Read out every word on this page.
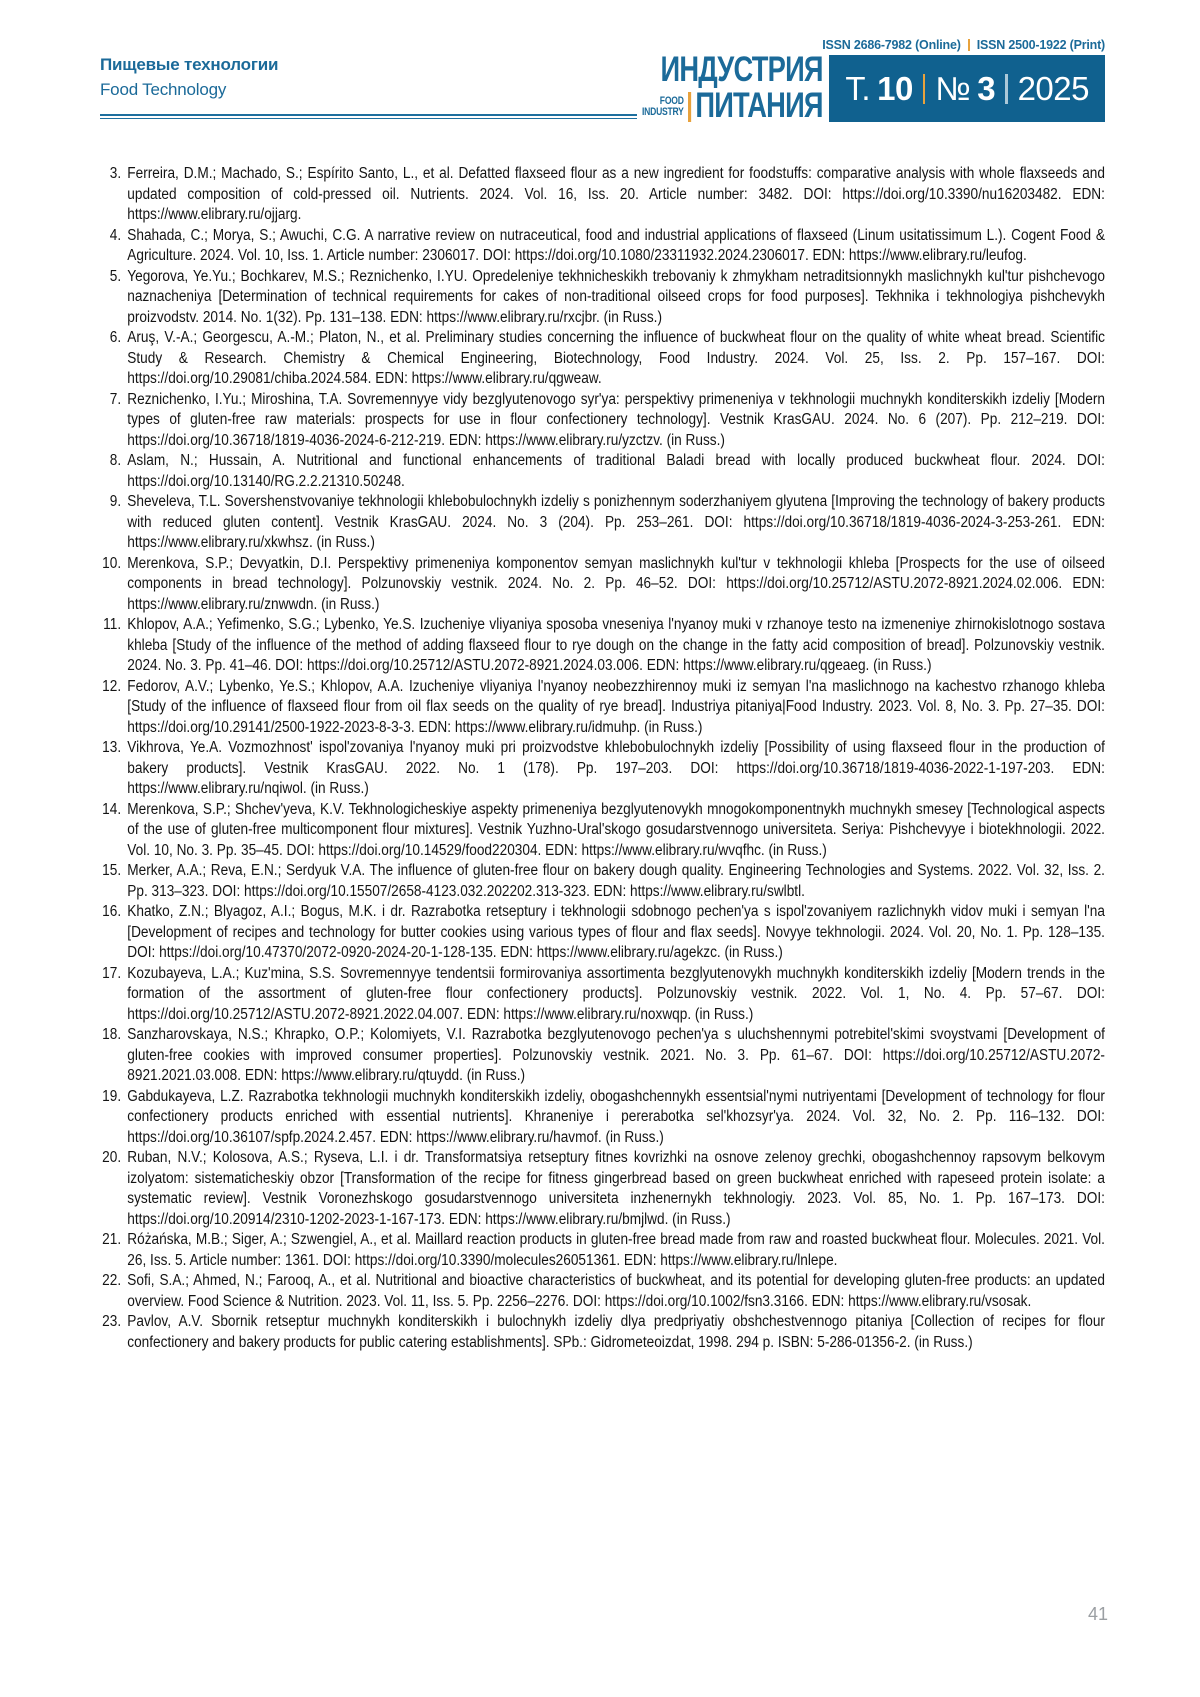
ISSN 2686-7982 (Online) ISSN 2500-1922 (Print)
Пищевые технологии
Food Technology
ИНДУСТРИЯ
FOOD
INDUSTRY ПИТАНИЯ Т. 10 № 3 2025
3. Ferreira, D.M.; Machado, S.; Espírito Santo, L., et al. Defatted flaxseed flour as a new ingredient for foodstuffs: comparative analysis with whole flaxseeds and updated composition of cold-pressed oil. Nutrients. 2024. Vol. 16, Iss. 20. Article number: 3482. DOI: https://doi.org/10.3390/nu16203482. EDN: https://www.elibrary.ru/ojjarg.
4. Shahada, C.; Morya, S.; Awuchi, C.G. A narrative review on nutraceutical, food and industrial applications of flaxseed (Linum usitatissimum L.). Cogent Food & Agriculture. 2024. Vol. 10, Iss. 1. Article number: 2306017. DOI: https://doi.org/10.1080/23311932.2024.2306017. EDN: https://www.elibrary.ru/leufog.
5. Yegorova, Ye.Yu.; Bochkarev, M.S.; Reznichenko, I.YU. Opredeleniye tekhnicheskikh trebovaniy k zhmykham netraditsionnykh maslichnykh kul'tur pishchevogo naznacheniya [Determination of technical requirements for cakes of non-traditional oilseed crops for food purposes]. Tekhnika i tekhnologiya pishchevykh proizvodstv. 2014. No. 1(32). Pp. 131–138. EDN: https://www.elibrary.ru/rxcjbr. (in Russ.)
6. Aruş, V.-A.; Georgescu, A.-M.; Platon, N., et al. Preliminary studies concerning the influence of buckwheat flour on the quality of white wheat bread. Scientific Study & Research. Chemistry & Chemical Engineering, Biotechnology, Food Industry. 2024. Vol. 25, Iss. 2. Pp. 157–167. DOI: https://doi.org/10.29081/chiba.2024.584. EDN: https://www.elibrary.ru/qgweaw.
7. Reznichenko, I.Yu.; Miroshina, T.A. Sovremennyye vidy bezglyutenovogo syr'ya: perspektivy primeneniya v tekhnologii muchnykh konditerskikh izdeliy [Modern types of gluten-free raw materials: prospects for use in flour confectionery technology]. Vestnik KrasGAU. 2024. No. 6 (207). Pp. 212–219. DOI: https://doi.org/10.36718/1819-4036-2024-6-212-219. EDN: https://www.elibrary.ru/yzctzv. (in Russ.)
8. Aslam, N.; Hussain, A. Nutritional and functional enhancements of traditional Baladi bread with locally produced buckwheat flour. 2024. DOI: https://doi.org/10.13140/RG.2.2.21310.50248.
9. Sheveleva, T.L. Sovershenstvovaniye tekhnologii khlebobulochnykh izdeliy s ponizhennym soderzhaniyem glyutena [Improving the technology of bakery products with reduced gluten content]. Vestnik KrasGAU. 2024. No. 3 (204). Pp. 253–261. DOI: https://doi.org/10.36718/1819-4036-2024-3-253-261. EDN: https://www.elibrary.ru/xkwhsz. (in Russ.)
10. Merenkova, S.P.; Devyatkin, D.I. Perspektivy primeneniya komponentov semyan maslichnykh kul'tur v tekhnologii khleba [Prospects for the use of oilseed components in bread technology]. Polzunovskiy vestnik. 2024. No. 2. Pp. 46–52. DOI: https://doi.org/10.25712/ASTU.2072-8921.2024.02.006. EDN: https://www.elibrary.ru/znwwdn. (in Russ.)
11. Khlopov, A.A.; Yefimenko, S.G.; Lybenko, Ye.S. Izucheniye vliyaniya sposoba vneseniya l'nyanoy muki v rzhanoye testo na izmeneniye zhirnokislotnogo sostava khleba [Study of the influence of the method of adding flaxseed flour to rye dough on the change in the fatty acid composition of bread]. Polzunovskiy vestnik. 2024. No. 3. Pp. 41–46. DOI: https://doi.org/10.25712/ASTU.2072-8921.2024.03.006. EDN: https://www.elibrary.ru/qgeaeg. (in Russ.)
12. Fedorov, A.V.; Lybenko, Ye.S.; Khlopov, A.A. Izucheniye vliyaniya l'nyanoy neobezzhirennoy muki iz semyan l'na maslichnogo na kachestvo rzhanogo khleba [Study of the influence of flaxseed flour from oil flax seeds on the quality of rye bread]. Industriya pitaniya|Food Industry. 2023. Vol. 8, No. 3. Pp. 27–35. DOI: https://doi.org/10.29141/2500-1922-2023-8-3-3. EDN: https://www.elibrary.ru/idmuhp. (in Russ.)
13. Vikhrova, Ye.A. Vozmozhnost' ispol'zovaniya l'nyanoy muki pri proizvodstve khlebobulochnykh izdeliy [Possibility of using flaxseed flour in the production of bakery products]. Vestnik KrasGAU. 2022. No. 1 (178). Pp. 197–203. DOI: https://doi.org/10.36718/1819-4036-2022-1-197-203. EDN: https://www.elibrary.ru/nqiwol. (in Russ.)
14. Merenkova, S.P.; Shchev'yeva, K.V. Tekhnologicheskiye aspekty primeneniya bezglyutenovykh mnogokomponentnykh muchnykh smesey [Technological aspects of the use of gluten-free multicomponent flour mixtures]. Vestnik Yuzhno-Ural'skogo gosudarstvennogo universiteta. Seriya: Pishchevyye i biotekhnologii. 2022. Vol. 10, No. 3. Pp. 35–45. DOI: https://doi.org/10.14529/food220304. EDN: https://www.elibrary.ru/wvqfhc. (in Russ.)
15. Merker, A.A.; Reva, E.N.; Serdyuk V.A. The influence of gluten-free flour on bakery dough quality. Engineering Technologies and Systems. 2022. Vol. 32, Iss. 2. Pp. 313–323. DOI: https://doi.org/10.15507/2658-4123.032.202202.313-323. EDN: https://www.elibrary.ru/swlbtl.
16. Khatko, Z.N.; Blyagoz, A.I.; Bogus, M.K. i dr. Razrabotka retseptury i tekhnologii sdobnogo pechen'ya s ispol'zovaniyem razlichnykh vidov muki i semyan l'na [Development of recipes and technology for butter cookies using various types of flour and flax seeds]. Novyye tekhnologii. 2024. Vol. 20, No. 1. Pp. 128–135. DOI: https://doi.org/10.47370/2072-0920-2024-20-1-128-135. EDN: https://www.elibrary.ru/agekzc. (in Russ.)
17. Kozubayeva, L.A.; Kuz'mina, S.S. Sovremennyye tendentsii formirovaniya assortimenta bezglyutenovykh muchnykh konditerskikh izdeliy [Modern trends in the formation of the assortment of gluten-free flour confectionery products]. Polzunovskiy vestnik. 2022. Vol. 1, No. 4. Pp. 57–67. DOI: https://doi.org/10.25712/ASTU.2072-8921.2022.04.007. EDN: https://www.elibrary.ru/noxwqp. (in Russ.)
18. Sanzharovskaya, N.S.; Khrapko, O.P.; Kolomiyets, V.I. Razrabotka bezglyutenovogo pechen'ya s uluchshennymi potrebitel'skimi svoystvami [Development of gluten-free cookies with improved consumer properties]. Polzunovskiy vestnik. 2021. No. 3. Pp. 61–67. DOI: https://doi.org/10.25712/ASTU.2072-8921.2021.03.008. EDN: https://www.elibrary.ru/qtuydd. (in Russ.)
19. Gabdukayeva, L.Z. Razrabotka tekhnologii muchnykh konditerskikh izdeliy, obogashchennykh essentsial'nymi nutriyentami [Development of technology for flour confectionery products enriched with essential nutrients]. Khraneniye i pererabotka sel'khozsyr'ya. 2024. Vol. 32, No. 2. Pp. 116–132. DOI: https://doi.org/10.36107/spfp.2024.2.457. EDN: https://www.elibrary.ru/havmof. (in Russ.)
20. Ruban, N.V.; Kolosova, A.S.; Ryseva, L.I. i dr. Transformatsiya retseptury fitnes kovrizhki na osnove zelenoy grechki, obogashchennoy rapsovym belkovym izolyatom: sistematicheskiy obzor [Transformation of the recipe for fitness gingerbread based on green buckwheat enriched with rapeseed protein isolate: a systematic review]. Vestnik Voronezhskogo gosudarstvennogo universiteta inzhenernykh tekhnologiy. 2023. Vol. 85, No. 1. Pp. 167–173. DOI: https://doi.org/10.20914/2310-1202-2023-1-167-173. EDN: https://www.elibrary.ru/bmjlwd. (in Russ.)
21. Różańska, M.B.; Siger, A.; Szwengiel, A., et al. Maillard reaction products in gluten-free bread made from raw and roasted buckwheat flour. Molecules. 2021. Vol. 26, Iss. 5. Article number: 1361. DOI: https://doi.org/10.3390/molecules26051361. EDN: https://www.elibrary.ru/lnlepe.
22. Sofi, S.A.; Ahmed, N.; Farooq, A., et al. Nutritional and bioactive characteristics of buckwheat, and its potential for developing gluten-free products: an updated overview. Food Science & Nutrition. 2023. Vol. 11, Iss. 5. Pp. 2256–2276. DOI: https://doi.org/10.1002/fsn3.3166. EDN: https://www.elibrary.ru/vsosak.
23. Pavlov, A.V. Sbornik retseptur muchnykh konditerskikh i bulochnykh izdeliy dlya predpriyatiy obshchestvennogo pitaniya [Collection of recipes for flour confectionery and bakery products for public catering establishments]. SPb.: Gidrometeoizdat, 1998. 294 p. ISBN: 5-286-01356-2. (in Russ.)
41
